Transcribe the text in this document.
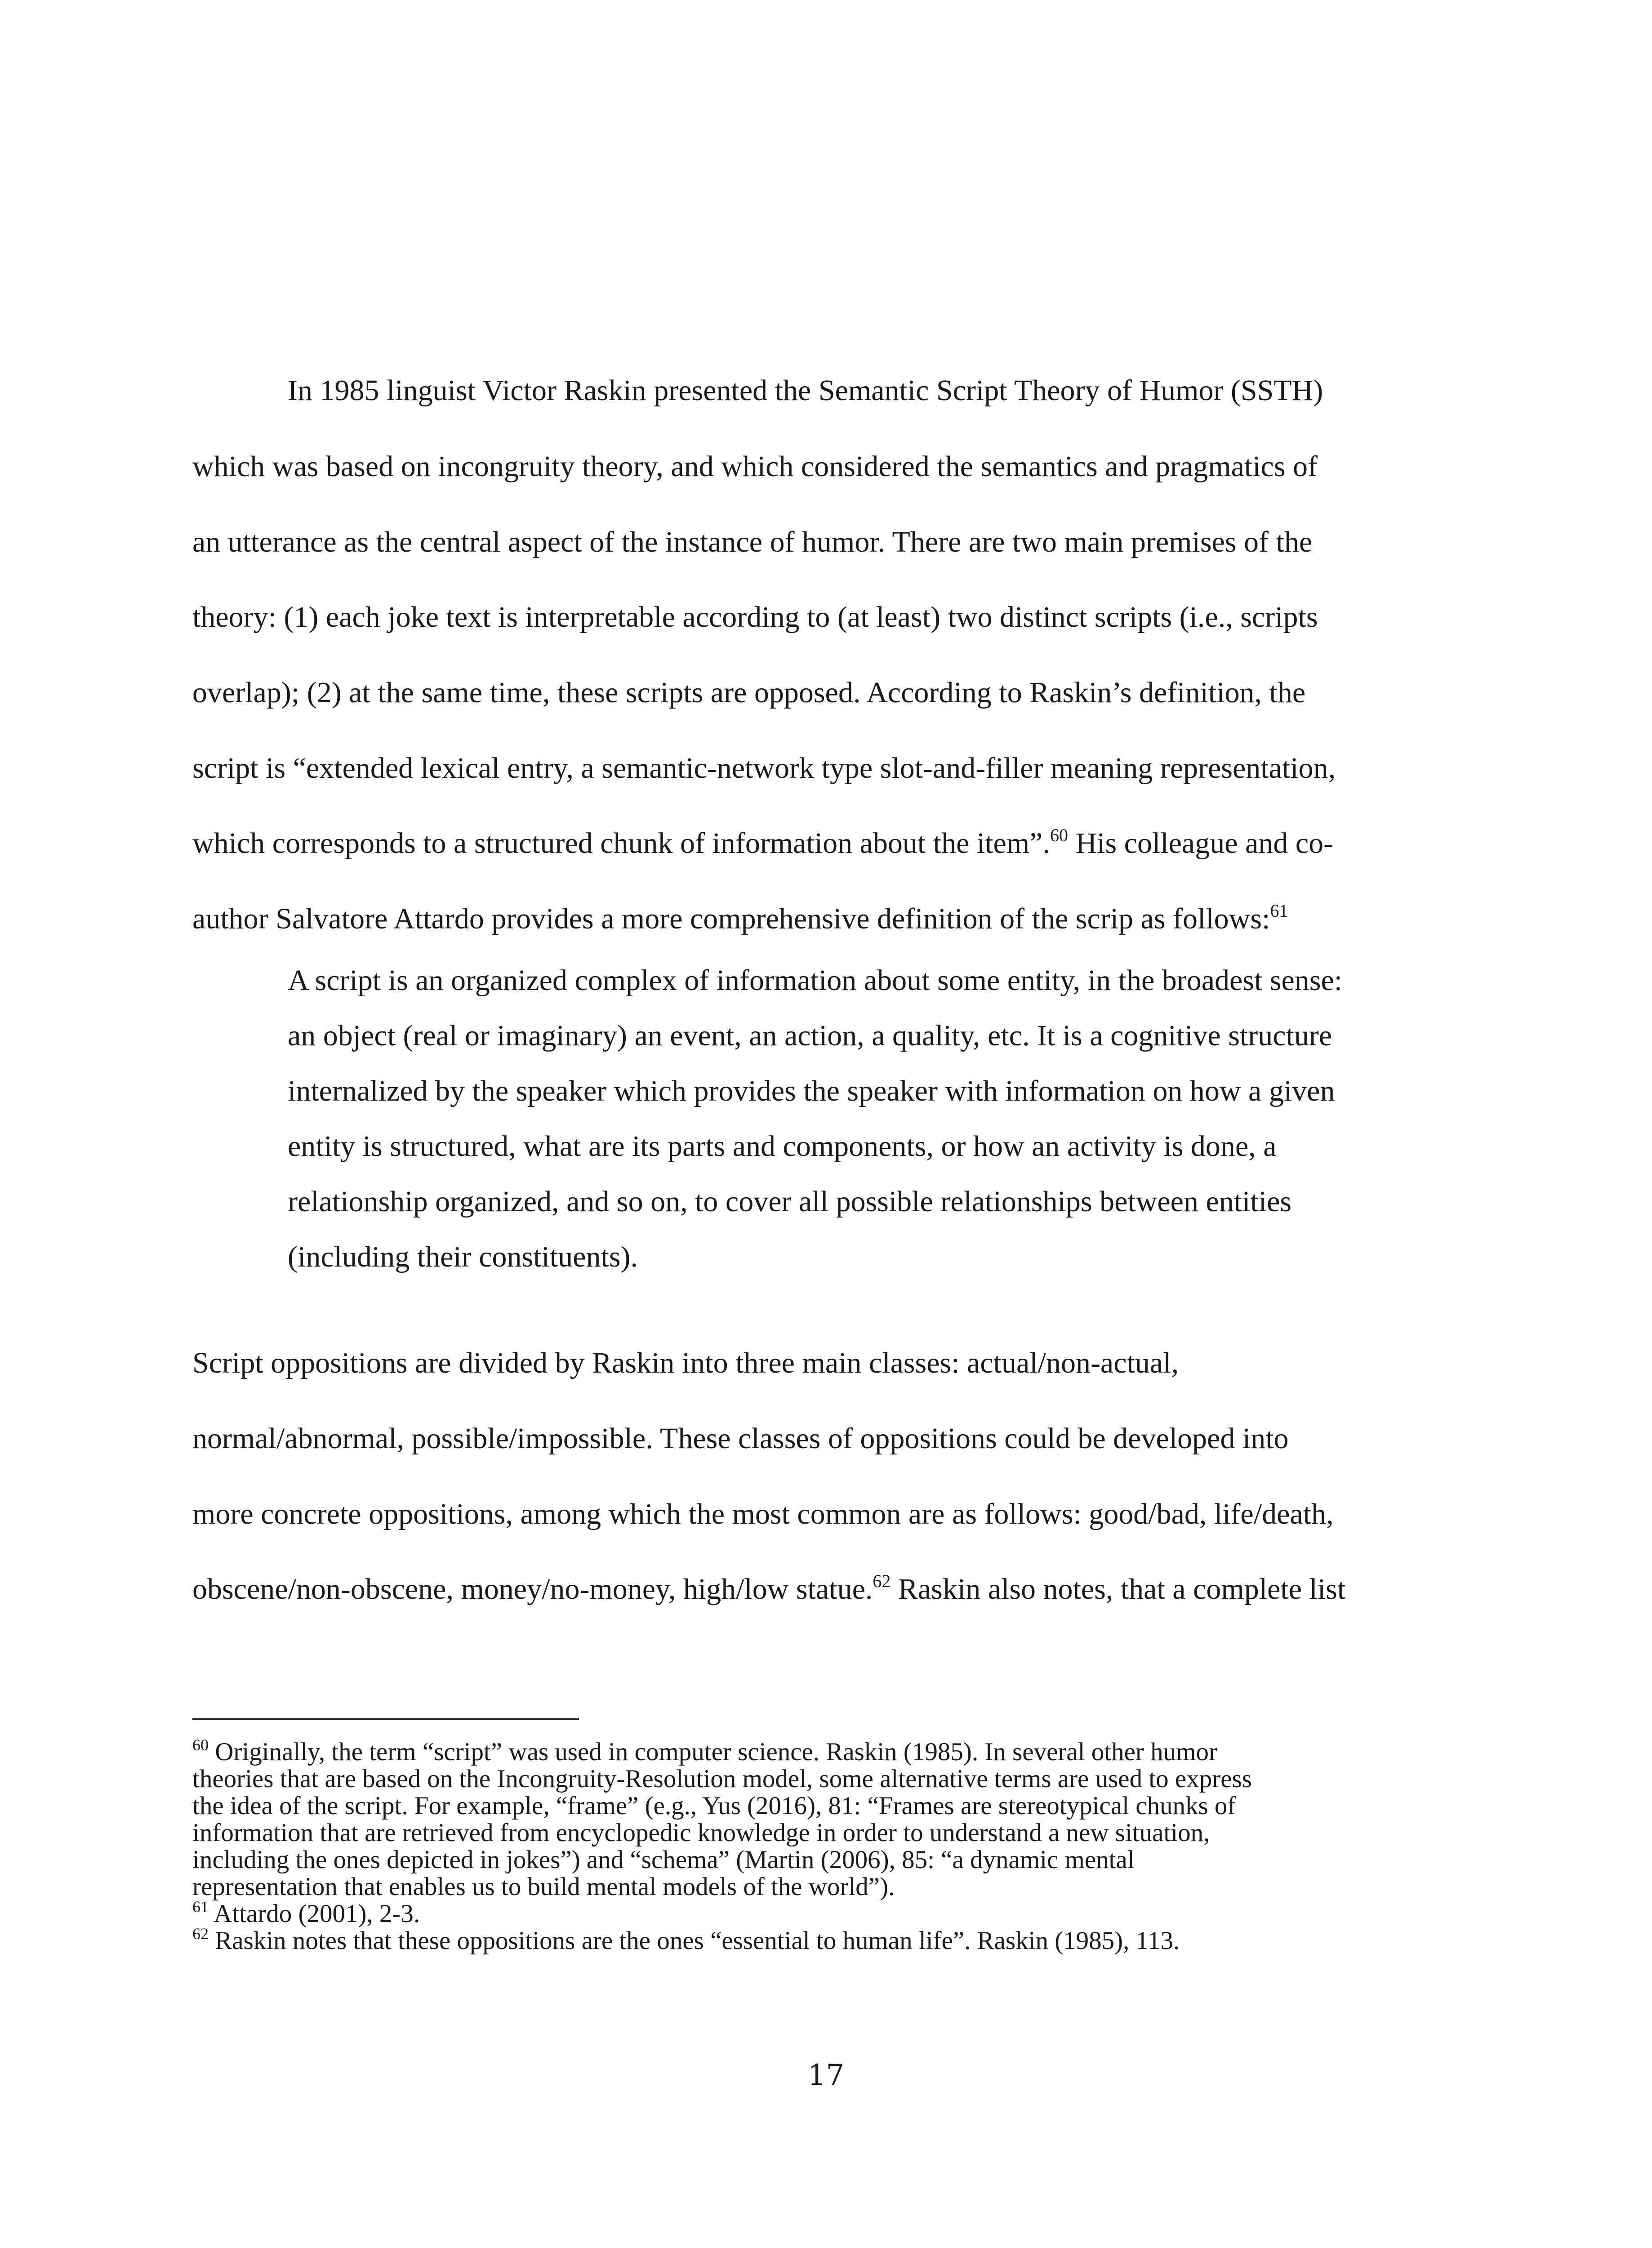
In 1985 linguist Victor Raskin presented the Semantic Script Theory of Humor (SSTH)

which was based on incongruity theory, and which considered the semantics and pragmatics of

an utterance as the central aspect of the instance of humor. There are two main premises of the

theory: (1) each joke text is interpretable according to (at least) two distinct scripts (i.e., scripts

overlap); (2) at the same time, these scripts are opposed. According to Raskin’s definition, the

script is “extended lexical entry, a semantic-network type slot-and-filler meaning representation,

which corresponds to a structured chunk of information about the item”.$^{60}$ His colleague and co-

author Salvatore Attardo provides a more comprehensive definition of the scrip as follows:$^{61}$

A script is an organized complex of information about some entity, in the broadest sense:

an object (real or imaginary) an event, an action, a quality, etc. It is a cognitive structure

internalized by the speaker which provides the speaker with information on how a given

entity is structured, what are its parts and components, or how an activity is done, a

relationship organized, and so on, to cover all possible relationships between entities

(including their constituents).

Script oppositions are divided by Raskin into three main classes: actual/non-actual,

normal/abnormal, possible/impossible. These classes of oppositions could be developed into

more concrete oppositions, among which the most common are as follows: good/bad, life/death,

obscene/non-obscene, money/no-money, high/low statue.$^{62}$ Raskin also notes, that a complete list

$^{60}$ Originally, the term “script” was used in computer science. Raskin (1985). In several other humor

theories that are based on the Incongruity-Resolution model, some alternative terms are used to express

the idea of the script. For example, “frame” (e.g., Yus (2016), 81: “Frames are stereotypical chunks of

information that are retrieved from encyclopedic knowledge in order to understand a new situation,

including the ones depicted in jokes”) and “schema” (Martin (2006), 85: “a dynamic mental

representation that enables us to build mental models of the world”).

$^{61}$ Attardo (2001), 2-3.

$^{62}$ Raskin notes that these oppositions are the ones “essential to human life”. Raskin (1985), 113.

17
